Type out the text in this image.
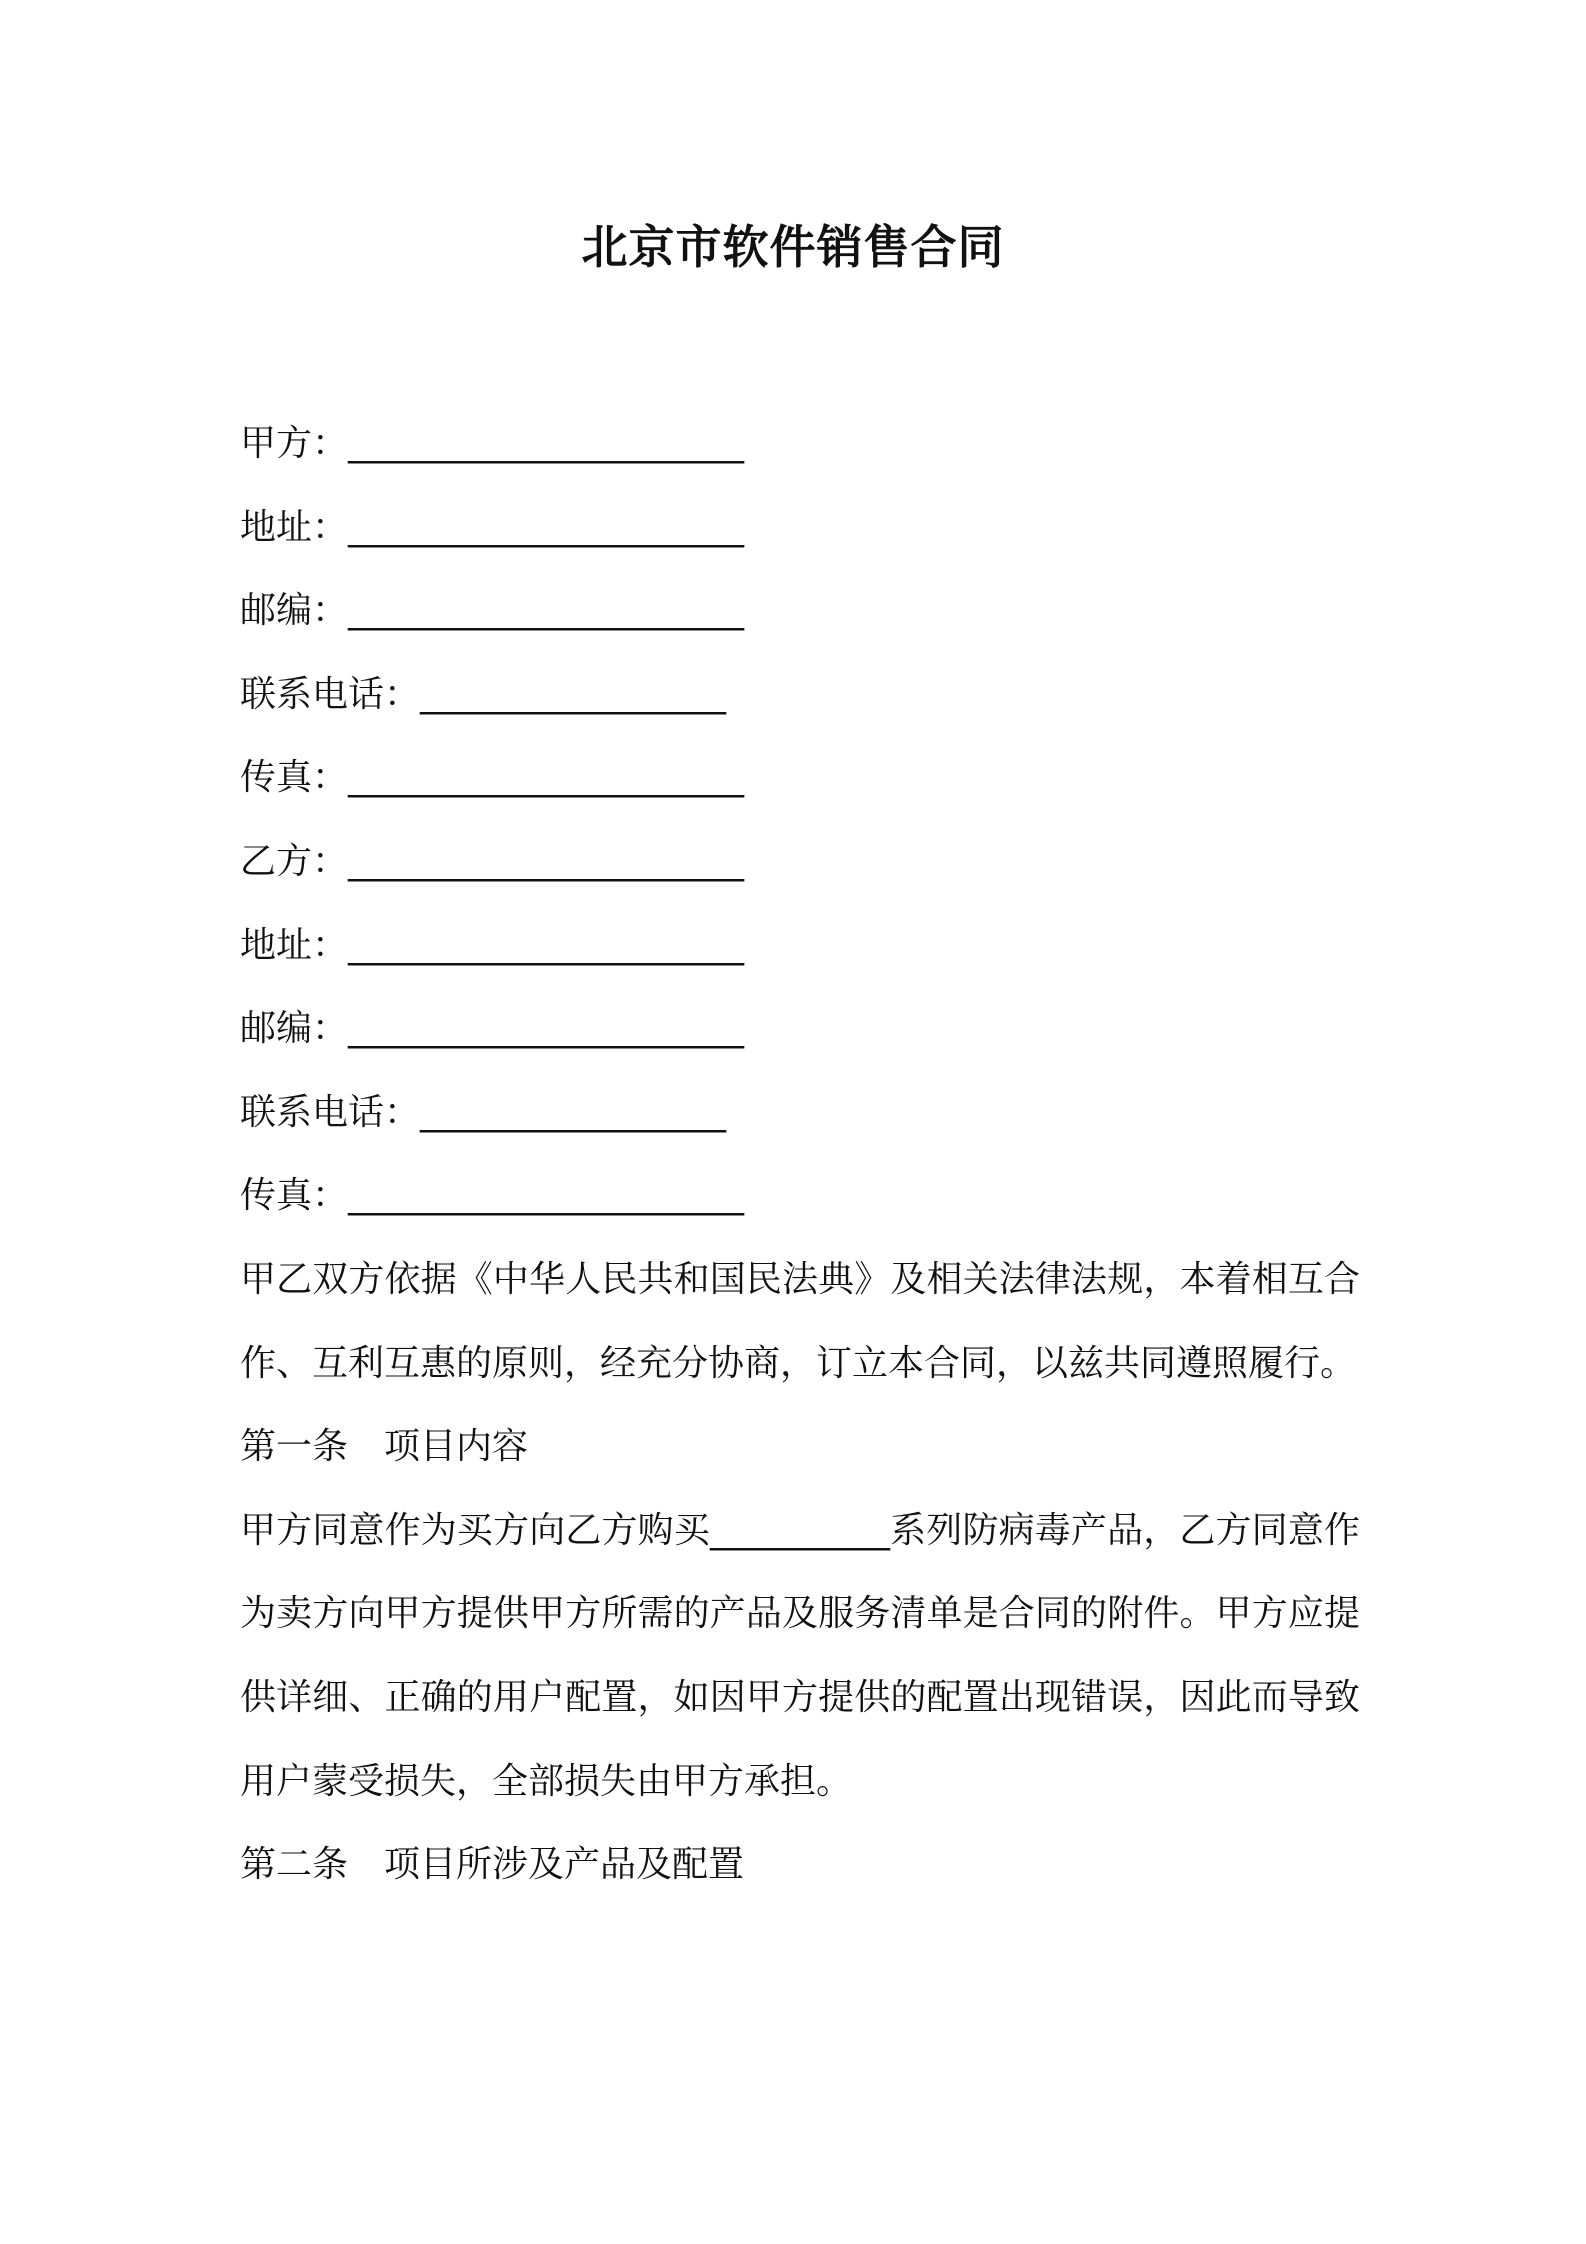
北京市软件销售合同
甲方：______________________
地址：______________________
邮编：______________________
联系电话：_________________
传真：______________________
乙方：______________________
地址：______________________
邮编：______________________
联系电话：_________________
传真：______________________

甲乙双方依据《中华人民共和国民法典》及相关法律法规，本着相互合作、互利互惠的原则，经充分协商，订立本合同，以兹共同遵照履行。

第一条　项目内容

甲方同意作为买方向乙方购买__________系列防病毒产品，乙方同意作为卖方向甲方提供甲方所需的产品及服务清单是合同的附件。甲方应提供详细、正确的用户配置，如因甲方提供的配置出现错误，因此而导致用户蒙受损失，全部损失由甲方承担。

第二条　项目所涉及产品及配置
